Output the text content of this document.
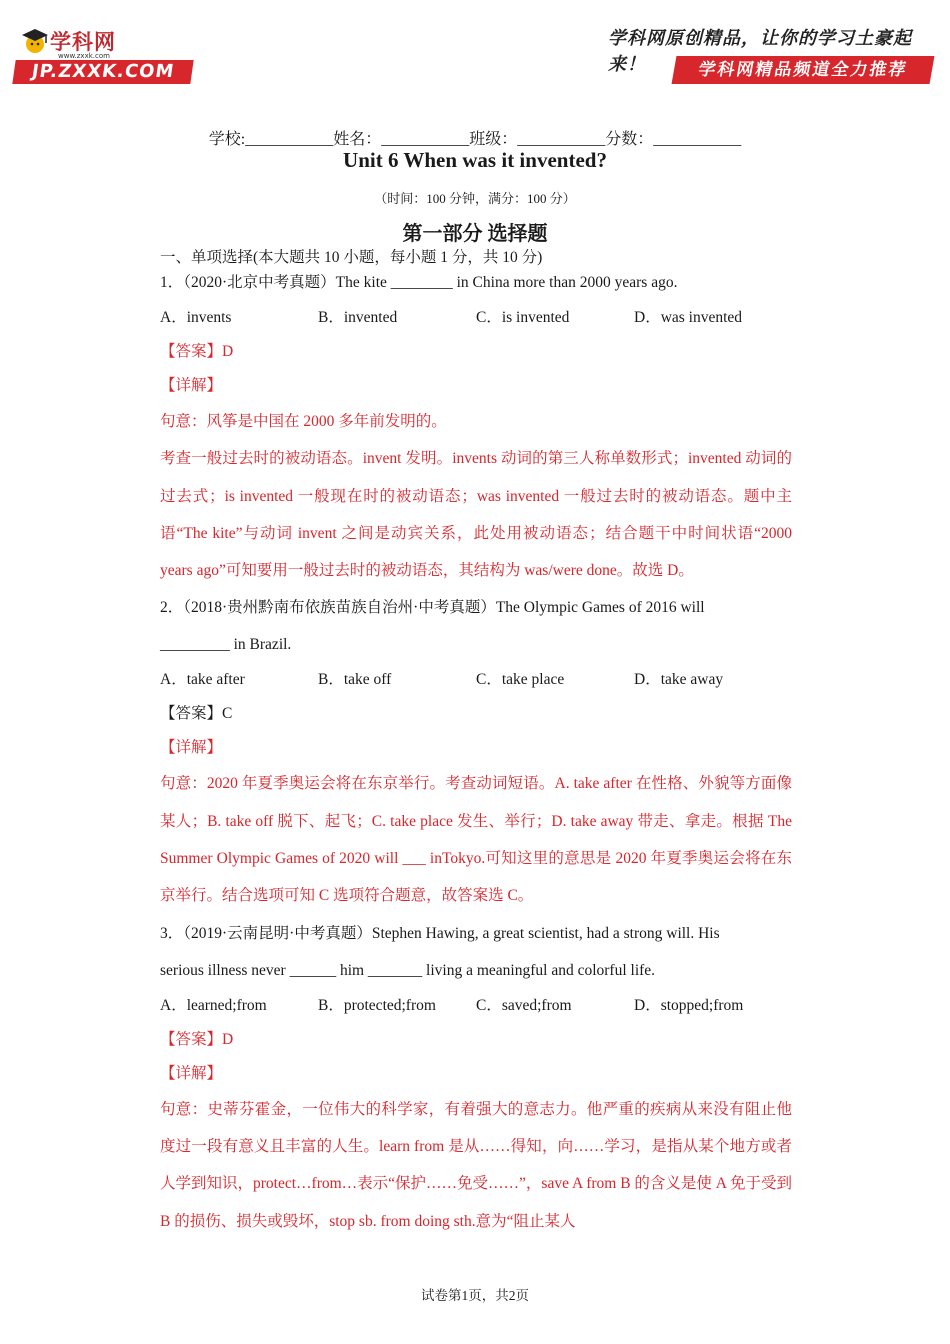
学科网
www.zxxk.com
JP.ZXXK.COM
学科网原创精品，让你的学习土豪起来！	学科网精品频道全力推荐
学校:___________姓名：___________班级：___________分数：___________
Unit 6 When was it invented?
（时间：100 分钟，满分：100 分）
第一部分 选择题

一、单项选择(本大题共 10 小题，每小题 1 分，共 10 分)

1．（2020·北京中考真题）The kite ________ in China more than 2000 years ago.

A．invents	B．invented	C．is invented	D．was invented
【答案】D
【详解】

句意：风筝是中国在 2000 多年前发明的。

考查一般过去时的被动语态。invent 发明。invents 动词的第三人称单数形式；invented 动词的过去式；is invented 一般现在时的被动语态；was invented 一般过去时的被动语态。题中主语“The kite”与动词 invent 之间是动宾关系，此处用被动语态；结合题干中时间状语“2000 years ago”可知要用一般过去时的被动语态，其结构为 was/were done。故选 D。

2．（2018·贵州黔南布依族苗族自治州·中考真题）The Olympic Games of 2016 will

_________ in Brazil.

A．take after	B．take off	C．take place	D．take away
【答案】C
【详解】

句意：2020 年夏季奥运会将在东京举行。考查动词短语。A. take after 在性格、外貌等方面像某人；B. take off 脱下、起飞；C. take place 发生、举行；D. take away 带走、拿走。根据 The Summer Olympic Games of 2020 will ___ inTokyo.可知这里的意思是 2020 年夏季奥运会将在东京举行。结合选项可知 C 选项符合题意，故答案选 C。

3．（2019·云南昆明·中考真题）Stephen Hawing, a great scientist, had a strong will. His

serious illness never ______ him _______ living a meaningful and colorful life.

A．learned;from	B．protected;from	C．saved;from	D．stopped;from
【答案】D
【详解】

句意：史蒂芬霍金，一位伟大的科学家，有着强大的意志力。他严重的疾病从来没有阻止他度过一段有意义且丰富的人生。learn from 是从……得知，向……学习，是指从某个地方或者人学到知识，protect…from…表示“保护……免受……”，save A from B 的含义是使 A 免于受到 B 的损伤、损失或毁坏，stop sb. from doing sth.意为“阻止某人

试卷第1页，共2页
